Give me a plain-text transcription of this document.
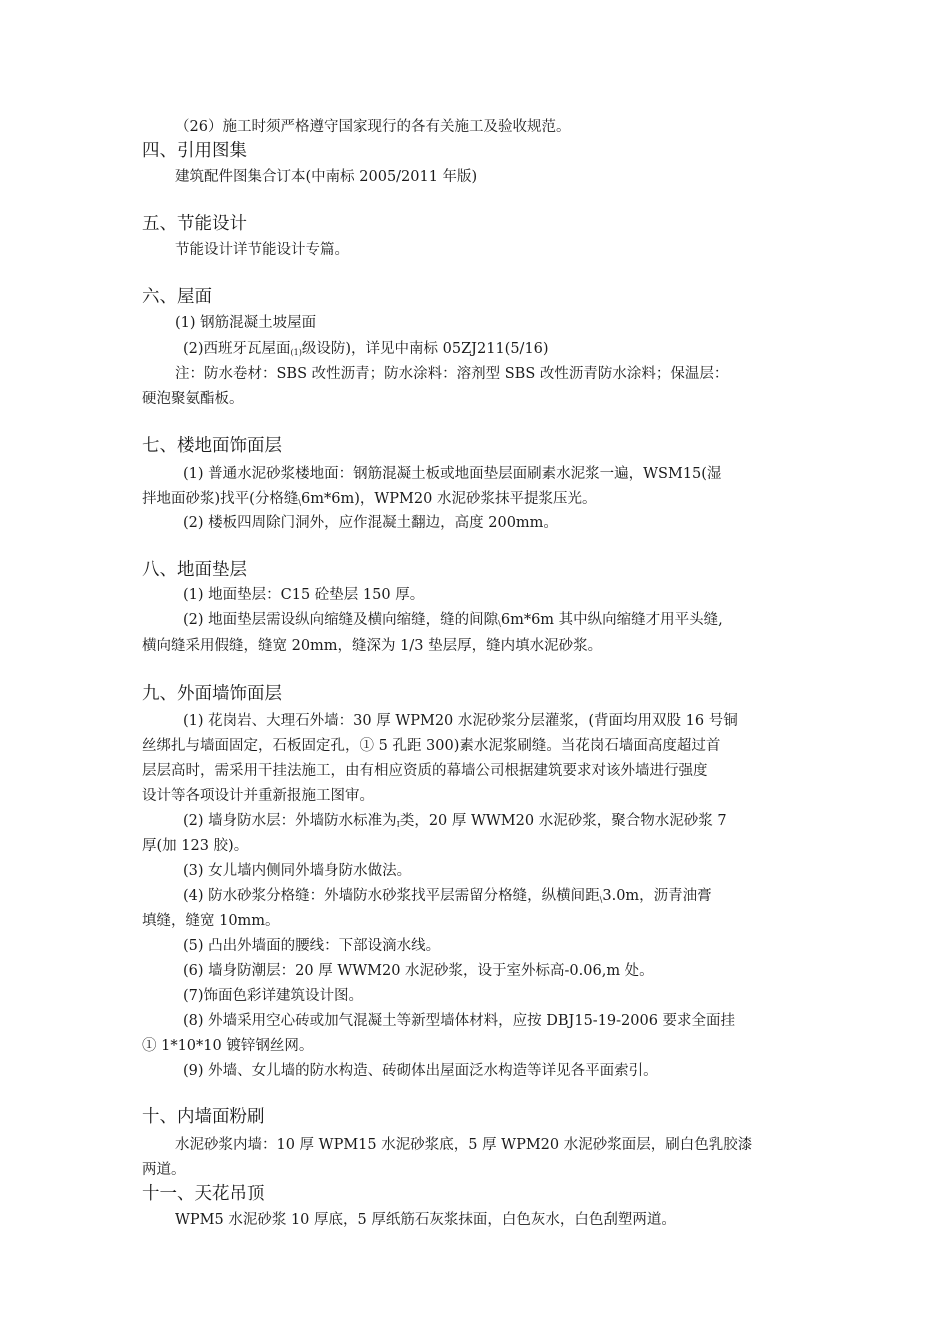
（26）施工时须严格遵守国家现行的各有关施工及验收规范。
四、引用图集
建筑配件图集合订本(中南标 2005/2011 年版)
五、节能设计
节能设计详节能设计专篇。
六、屋面
(1) 钢筋混凝土坡屋面
(2)西班牙瓦屋面(1)级设防)，详见中南标 05ZJ211(5/16)
注：防水卷材：SBS 改性沥青；防水涂料：溶剂型 SBS 改性沥青防水涂料；保温层：
硬泡聚氨酯板。
七、楼地面饰面层
(1) 普通水泥砂浆楼地面：钢筋混凝土板或地面垫层面刷素水泥浆一遍，WSM15(湿
拌地面砂浆)找平(分格缝\6m*6m)，WPM20 水泥砂浆抹平提浆压光。
(2) 楼板四周除门洞外，应作混凝土翻边，高度 200mm。
八、地面垫层
(1) 地面垫层：C15 砼垫层 150 厚。
(2) 地面垫层需设纵向缩缝及横向缩缝，缝的间隙\6m*6m 其中纵向缩缝才用平头缝,
横向缝采用假缝，缝宽 20mm，缝深为 1/3 垫层厚，缝内填水泥砂浆。
九、外面墙饰面层
(1) 花岗岩、大理石外墙：30 厚 WPM20 水泥砂浆分层灌浆，(背面均用双股 16 号铜
丝绑扎与墙面固定，石板固定孔，① 5 孔距 300)素水泥浆刷缝。当花岗石墙面高度超过首
层层高时，需采用干挂法施工，由有相应资质的幕墙公司根据建筑要求对该外墙进行强度
设计等各项设计并重新报施工图审。
(2) 墙身防水层：外墙防水标准为I类，20 厚 WWM20 水泥砂浆，聚合物水泥砂浆 7
厚(加 123 胶)。
(3) 女儿墙内侧同外墙身防水做法。
(4) 防水砂浆分格缝：外墙防水砂浆找平层需留分格缝，纵横间距\3.0m，沥青油膏
填缝，缝宽 10mm。
(5) 凸出外墙面的腰线：下部设滴水线。
(6) 墙身防潮层：20 厚 WWM20 水泥砂浆，设于室外标高-0.06,m 处。
(7)饰面色彩详建筑设计图。
(8) 外墙采用空心砖或加气混凝土等新型墙体材料，应按 DBJ15-19-2006 要求全面挂
① 1*10*10 镀锌钢丝网。
(9) 外墙、女儿墙的防水构造、砖砌体出屋面泛水构造等详见各平面索引。
十、内墙面粉刷
水泥砂浆内墙：10 厚 WPM15 水泥砂浆底，5 厚 WPM20 水泥砂浆面层，刷白色乳胶漆
两道。
十一、天花吊顶
WPM5 水泥砂浆 10 厚底，5 厚纸筋石灰浆抹面，白色灰水，白色刮塑两道。
